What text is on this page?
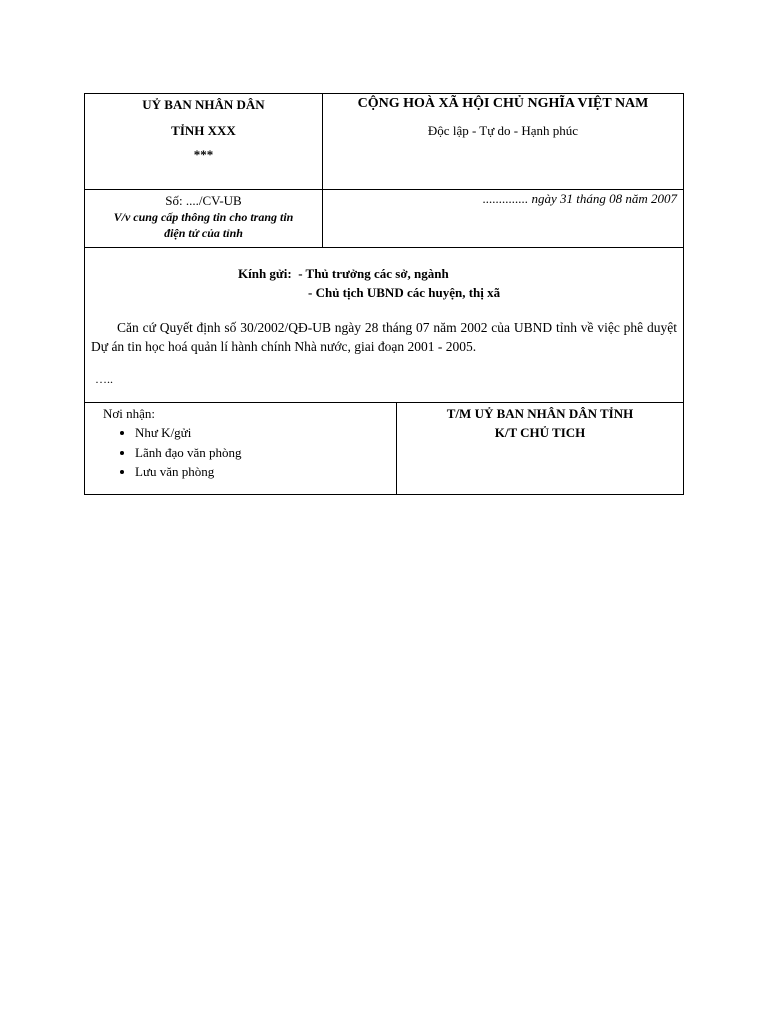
UỶ BAN NHÂN DÂN
TỈNH XXX
***
CỘNG HOÀ XÃ HỘI CHỦ NGHĨA VIỆT NAM
Độc lập - Tự do - Hạnh phúc
Số: ..../CV-UB
V/v cung cấp thông tin cho trang tin
điện tử của tỉnh
.............. ngày 31 tháng 08 năm 2007
Kính gửi: - Thủ trưởng các sở, ngành
- Chủ tịch UBND các huyện, thị xã
Căn cứ Quyết định số 30/2002/QĐ-UB ngày 28 tháng 07 năm 2002 của UBND tỉnh về việc phê duyệt Dự án tin học hoá quản lí hành chính Nhà nước, giai đoạn 2001 - 2005.
…..
Nơi nhận:
• Như K/gửi
• Lãnh đạo văn phòng
• Lưu văn phòng
T/M UỶ BAN NHÂN DÂN TỈNH
K/T CHỦ TICH
